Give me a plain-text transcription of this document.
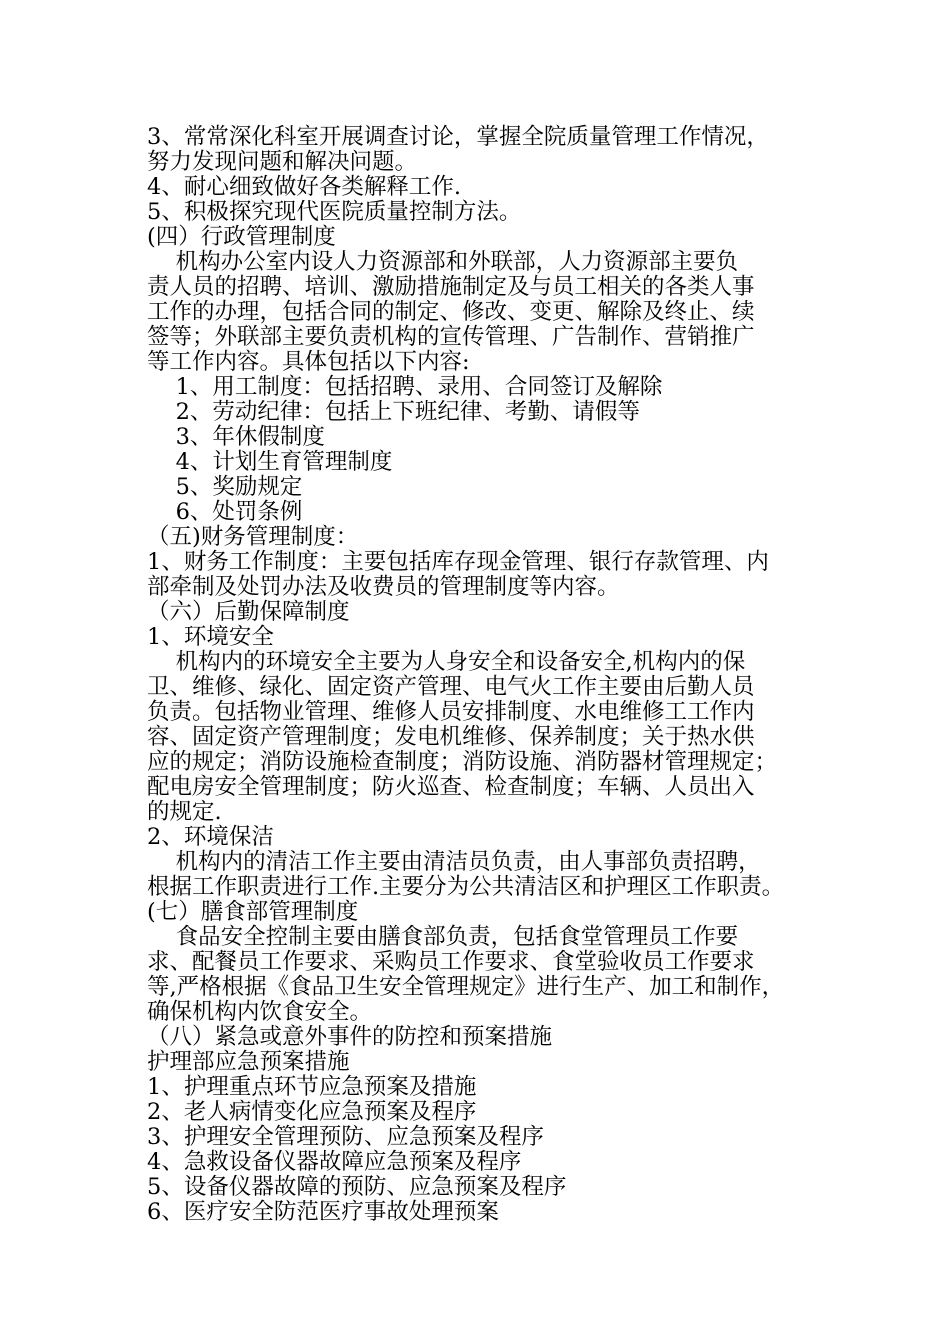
3、常常深化科室开展调查讨论，掌握全院质量管理工作情况，
努力发现问题和解决问题。
4、耐心细致做好各类解释工作.
5、积极探究现代医院质量控制方法。
(四）行政管理制度
机构办公室内设人力资源部和外联部，人力资源部主要负
责人员的招聘、培训、激励措施制定及与员工相关的各类人事
工作的办理，包括合同的制定、修改、变更、解除及终止、续
签等；外联部主要负责机构的宣传管理、广告制作、营销推广
等工作内容。具体包括以下内容:
1、用工制度：包括招聘、录用、合同签订及解除
2、劳动纪律：包括上下班纪律、考勤、请假等
3、年休假制度
4、计划生育管理制度
5、奖励规定
6、处罚条例
（五)财务管理制度：
1、财务工作制度：主要包括库存现金管理、银行存款管理、内
部牵制及处罚办法及收费员的管理制度等内容。
（六）后勤保障制度
1、环境安全
机构内的环境安全主要为人身安全和设备安全,机构内的保
卫、维修、绿化、固定资产管理、电气火工作主要由后勤人员
负责。包括物业管理、维修人员安排制度、水电维修工工作内
容、固定资产管理制度；发电机维修、保养制度；关于热水供
应的规定；消防设施检查制度；消防设施、消防器材管理规定；
配电房安全管理制度；防火巡查、检查制度；车辆、人员出入
的规定.
2、环境保洁
机构内的清洁工作主要由清洁员负责，由人事部负责招聘，
根据工作职责进行工作.主要分为公共清洁区和护理区工作职责。
(七）膳食部管理制度
食品安全控制主要由膳食部负责，包括食堂管理员工作要
求、配餐员工作要求、采购员工作要求、食堂验收员工作要求
等,严格根据《食品卫生安全管理规定》进行生产、加工和制作，
确保机构内饮食安全。
（八）紧急或意外事件的防控和预案措施
护理部应急预案措施
1、护理重点环节应急预案及措施
2、老人病情变化应急预案及程序
3、护理安全管理预防、应急预案及程序
4、急救设备仪器故障应急预案及程序
5、设备仪器故障的预防、应急预案及程序
6、医疗安全防范医疗事故处理预案
